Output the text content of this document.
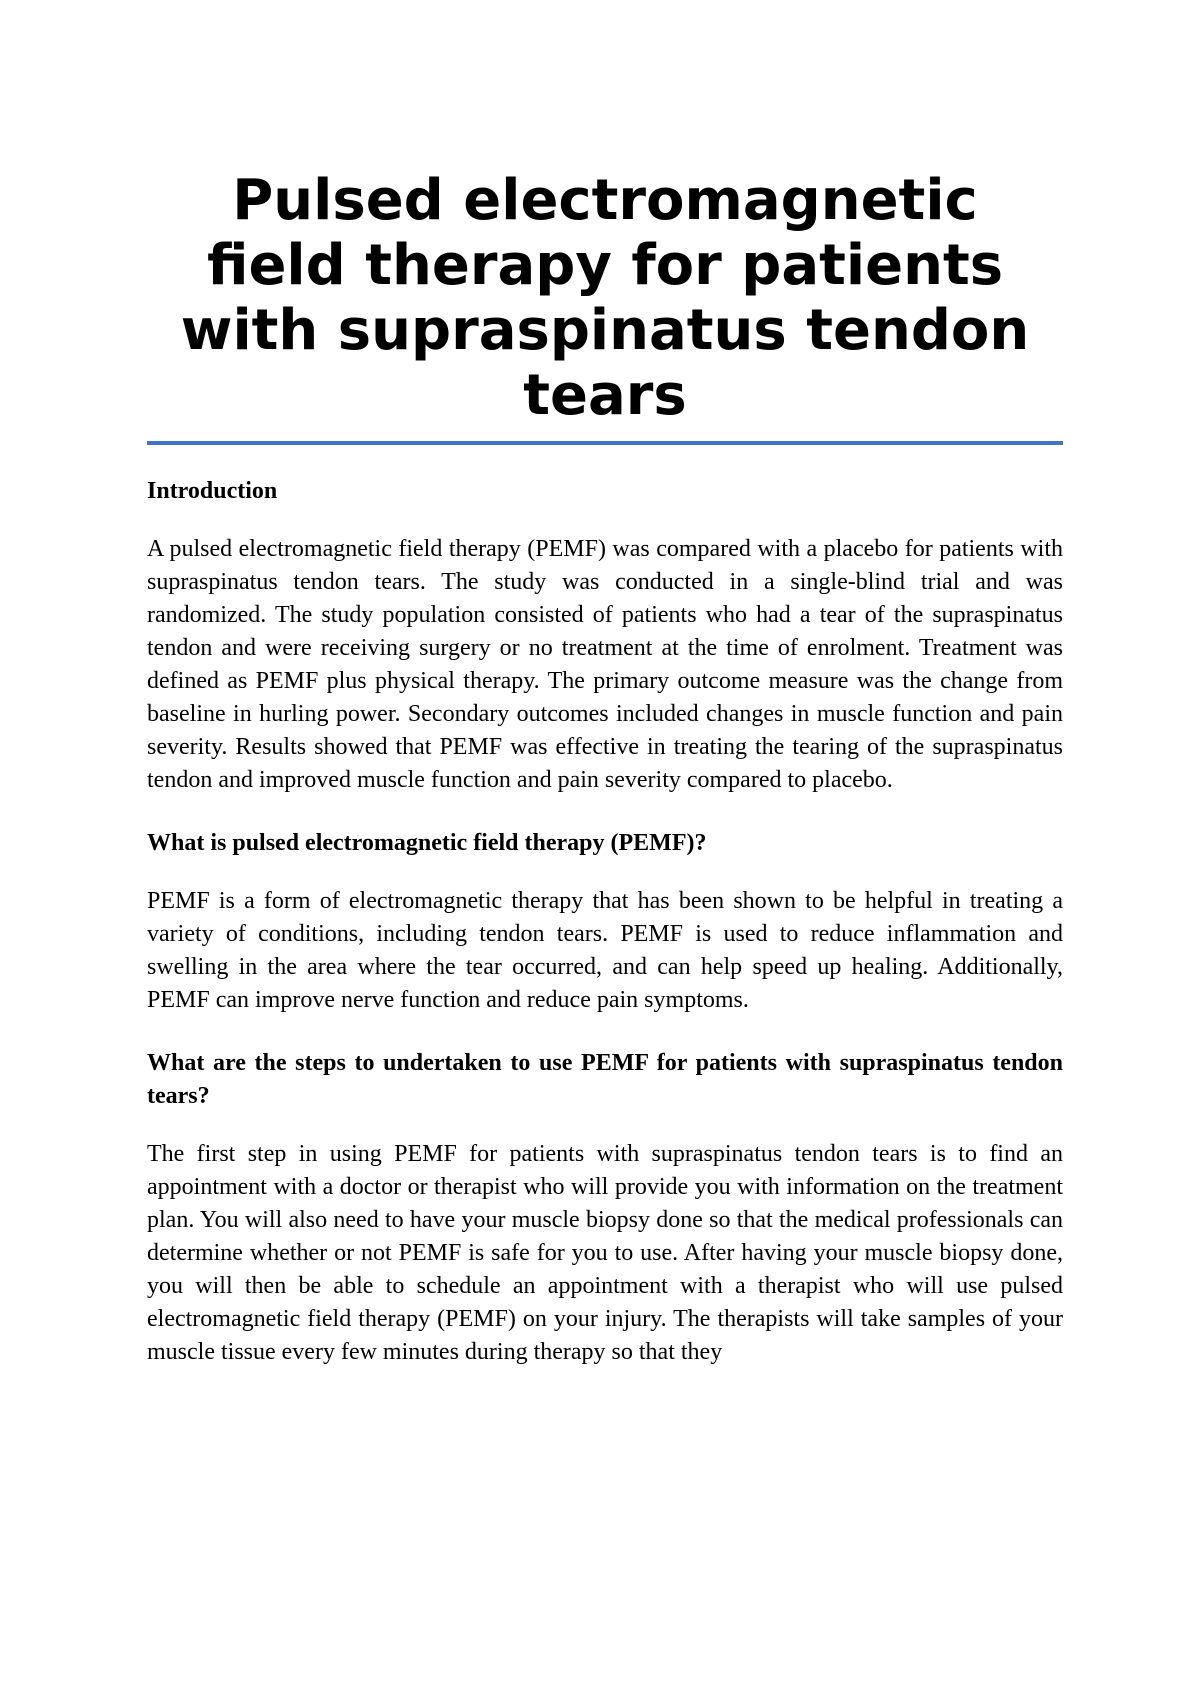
Pulsed electromagnetic field therapy for patients with supraspinatus tendon tears
Introduction

A pulsed electromagnetic field therapy (PEMF) was compared with a placebo for patients with supraspinatus tendon tears. The study was conducted in a single-blind trial and was randomized. The study population consisted of patients who had a tear of the supraspinatus tendon and were receiving surgery or no treatment at the time of enrolment. Treatment was defined as PEMF plus physical therapy. The primary outcome measure was the change from baseline in hurling power. Secondary outcomes included changes in muscle function and pain severity. Results showed that PEMF was effective in treating the tearing of the supraspinatus tendon and improved muscle function and pain severity compared to placebo.

What is pulsed electromagnetic field therapy (PEMF)?

PEMF is a form of electromagnetic therapy that has been shown to be helpful in treating a variety of conditions, including tendon tears. PEMF is used to reduce inflammation and swelling in the area where the tear occurred, and can help speed up healing. Additionally, PEMF can improve nerve function and reduce pain symptoms.

What are the steps to undertaken to use PEMF for patients with supraspinatus tendon tears?

The first step in using PEMF for patients with supraspinatus tendon tears is to find an appointment with a doctor or therapist who will provide you with information on the treatment plan. You will also need to have your muscle biopsy done so that the medical professionals can determine whether or not PEMF is safe for you to use. After having your muscle biopsy done, you will then be able to schedule an appointment with a therapist who will use pulsed electromagnetic field therapy (PEMF) on your injury. The therapists will take samples of your muscle tissue every few minutes during therapy so that they
